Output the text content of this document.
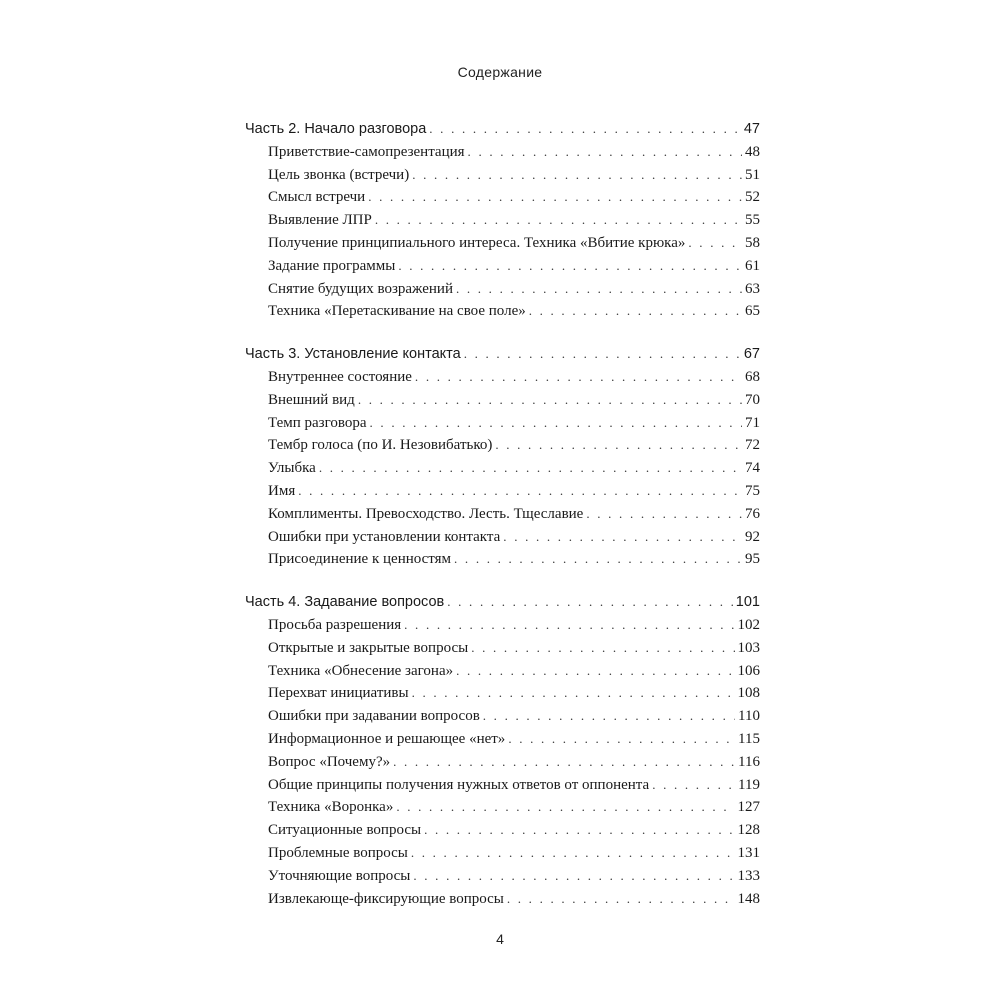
Содержание
Часть 2. Начало разговора . . .	47
Приветствие-самопрезентация . . .	48
Цель звонка (встречи) . . .	51
Смысл встречи . . .	52
Выявление ЛПР . . .	55
Получение принципиального интереса. Техника «Вбитие крюка» . . .	58
Задание программы . . .	61
Снятие будущих возражений . . .	63
Техника «Перетаскивание на свое поле» . . .	65
Часть 3. Установление контакта . . .	67
Внутреннее состояние . . .	68
Внешний вид . . .	70
Темп разговора . . .	71
Тембр голоса (по И. Незовибатько) . . .	72
Улыбка . . .	74
Имя . . .	75
Комплименты. Превосходство. Лесть. Тщеславие . . .	76
Ошибки при установлении контакта . . .	92
Присоединение к ценностям . . .	95
Часть 4. Задавание вопросов . . .	101
Просьба разрешения . . .	102
Открытые и закрытые вопросы . . .	103
Техника «Обнесение загона» . . .	106
Перехват инициативы . . .	108
Ошибки при задавании вопросов . . .	110
Информационное и решающее «нет» . . .	115
Вопрос «Почему?» . . .	116
Общие принципы получения нужных ответов от оппонента . . .	119
Техника «Воронка» . . .	127
Ситуационные вопросы . . .	128
Проблемные вопросы . . .	131
Уточняющие вопросы . . .	133
Извлекающе-фиксирующие вопросы . . .	148
4
